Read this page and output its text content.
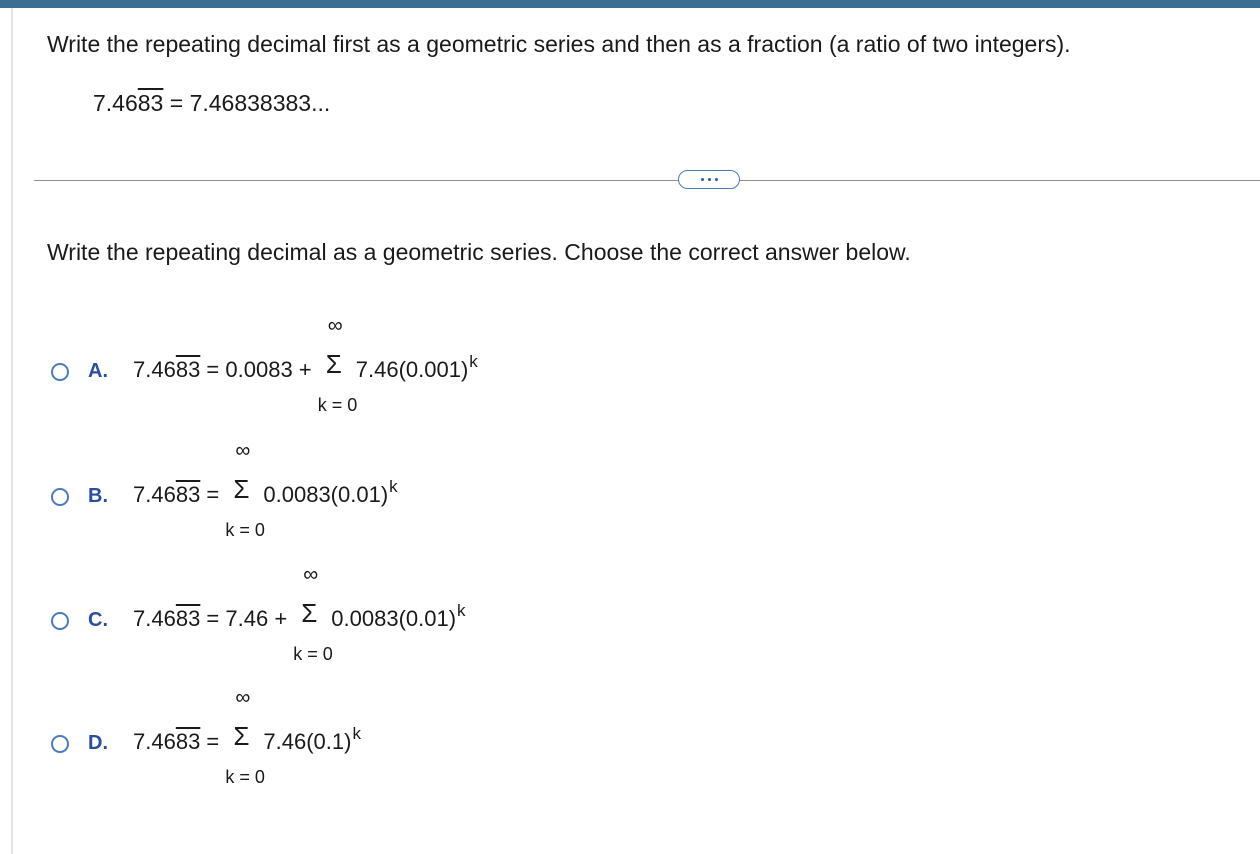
Write the repeating decimal first as a geometric series and then as a fraction (a ratio of two integers).
7.4683 = 7.46838383...
Write the repeating decimal as a geometric series. Choose the correct answer below.
A. 7.4683 = 0.0083 +
∞
Σ
k = 0
$7.46(0.001)^k$
B. 7.4683 =
∞
Σ
k = 0
$0.0083(0.01)^k$
C. 7.4683 = 7.46 +
∞
Σ
k = 0
$0.0083(0.01)^k$
D. 7.4683 =
∞
Σ
k = 0
$7.46(0.1)^k$
